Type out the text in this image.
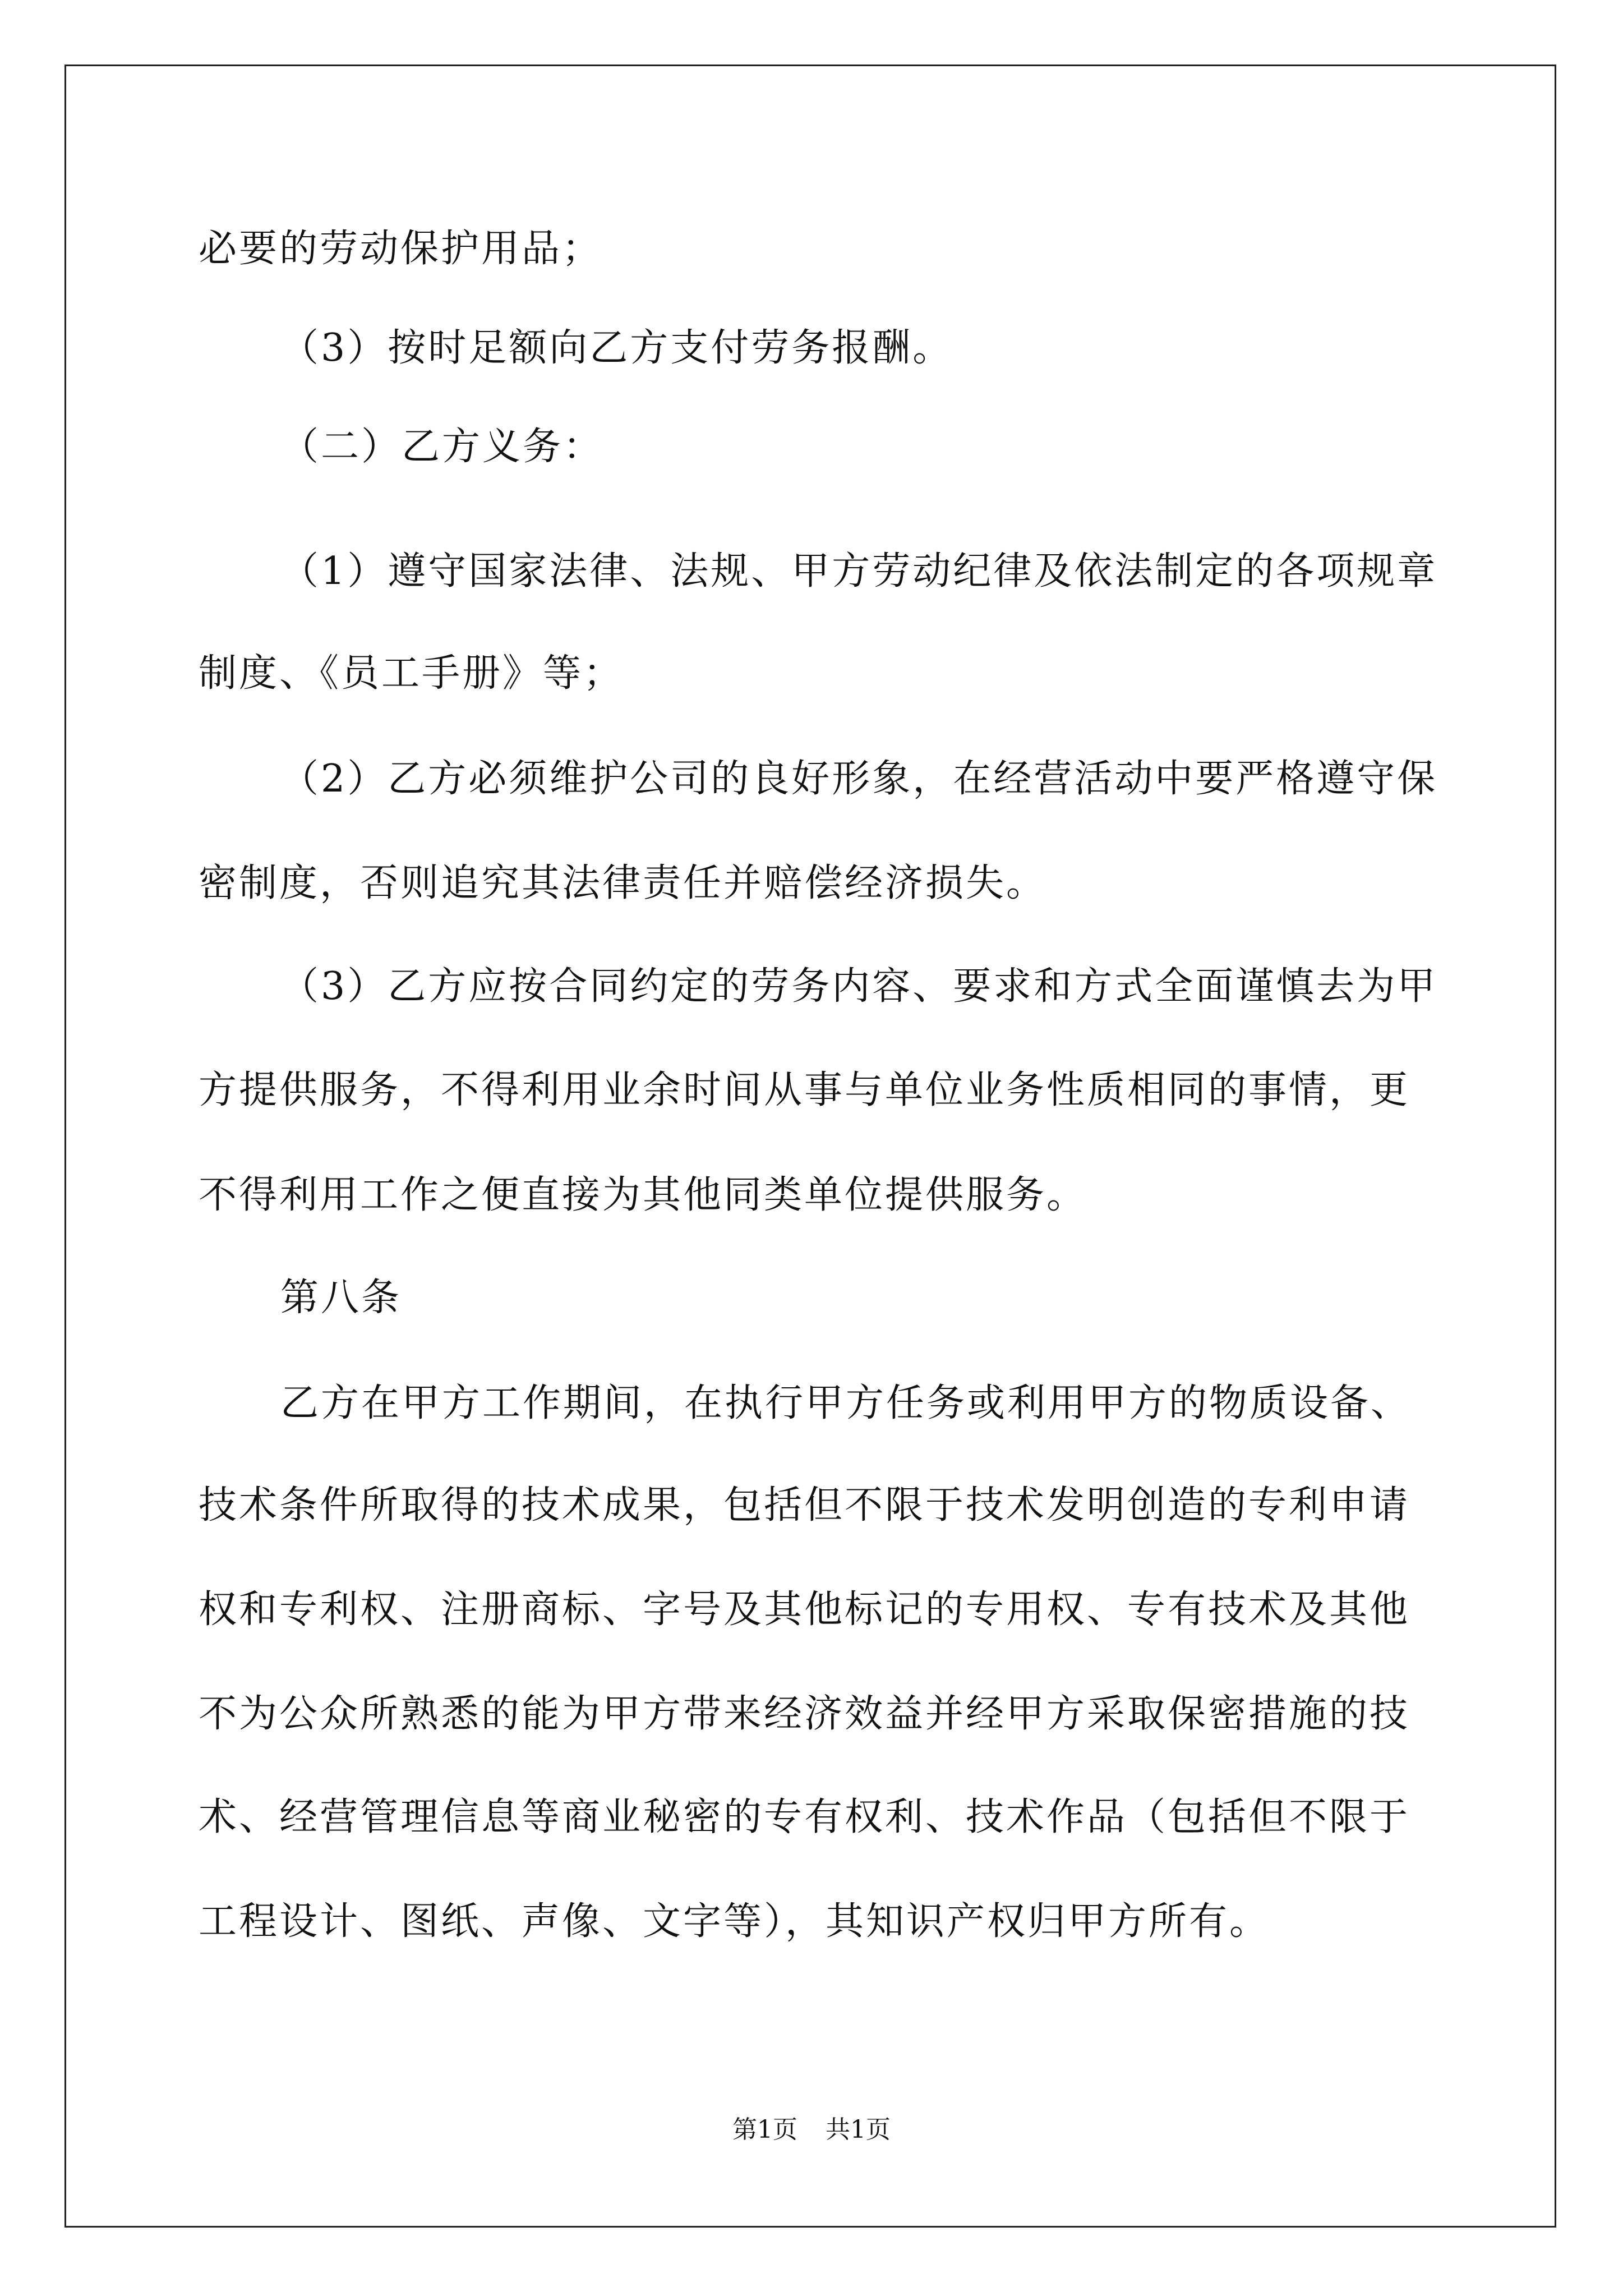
必要的劳动保护用品；
（3）按时足额向乙方支付劳务报酬。
（二）乙方义务：
（1）遵守国家法律、法规、甲方劳动纪律及依法制定的各项规章
制度、《员工手册》等；
（2）乙方必须维护公司的良好形象，在经营活动中要严格遵守保
密制度，否则追究其法律责任并赔偿经济损失。
（3）乙方应按合同约定的劳务内容、要求和方式全面谨慎去为甲
方提供服务，不得利用业余时间从事与单位业务性质相同的事情，更
不得利用工作之便直接为其他同类单位提供服务。
第八条
乙方在甲方工作期间，在执行甲方任务或利用甲方的物质设备、
技术条件所取得的技术成果，包括但不限于技术发明创造的专利申请
权和专利权、注册商标、字号及其他标记的专用权、专有技术及其他
不为公众所熟悉的能为甲方带来经济效益并经甲方采取保密措施的技
术、经营管理信息等商业秘密的专有权利、技术作品（包括但不限于
工程设计、图纸、声像、文字等），其知识产权归甲方所有。
第1页 共1页
